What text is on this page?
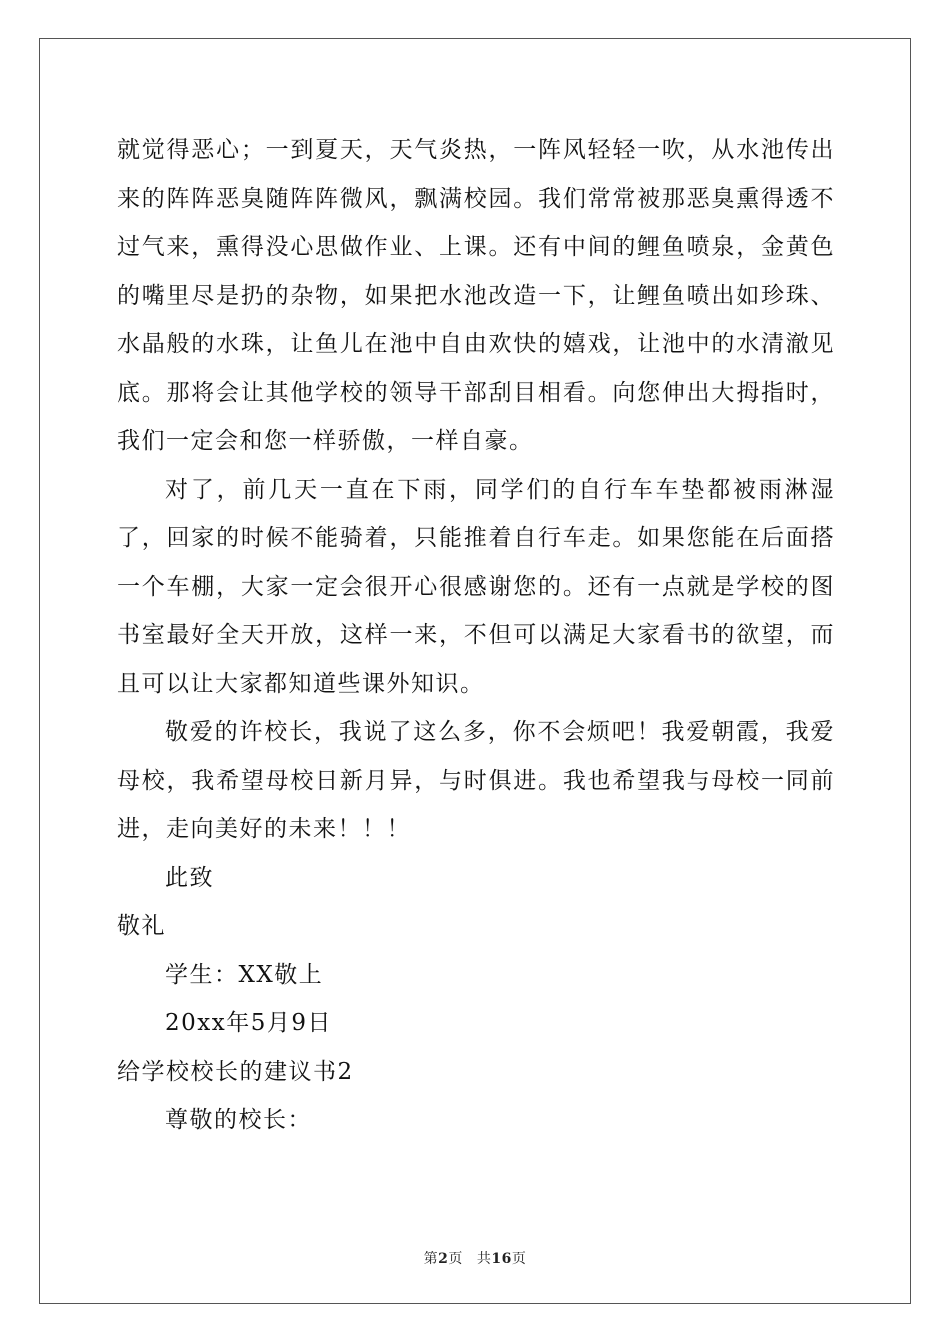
就觉得恶心；一到夏天，天气炎热，一阵风轻轻一吹，从水池传出来的阵阵恶臭随阵阵微风，飘满校园。我们常常被那恶臭熏得透不过气来，熏得没心思做作业、上课。还有中间的鲤鱼喷泉，金黄色的嘴里尽是扔的杂物，如果把水池改造一下，让鲤鱼喷出如珍珠、水晶般的水珠，让鱼儿在池中自由欢快的嬉戏，让池中的水清澈见底。那将会让其他学校的领导干部刮目相看。向您伸出大拇指时，我们一定会和您一样骄傲，一样自豪。

对了，前几天一直在下雨，同学们的自行车车垫都被雨淋湿了，回家的时候不能骑着，只能推着自行车走。如果您能在后面搭一个车棚，大家一定会很开心很感谢您的。还有一点就是学校的图书室最好全天开放，这样一来，不但可以满足大家看书的欲望，而且可以让大家都知道些课外知识。

敬爱的许校长，我说了这么多，你不会烦吧！我爱朝霞，我爱母校，我希望母校日新月异，与时俱进。我也希望我与母校一同前进，走向美好的未来！！！

此致

敬礼

学生：XX敬上

20xx年5月9日

给学校校长的建议书2

尊敬的校长：

第2页 共16页
